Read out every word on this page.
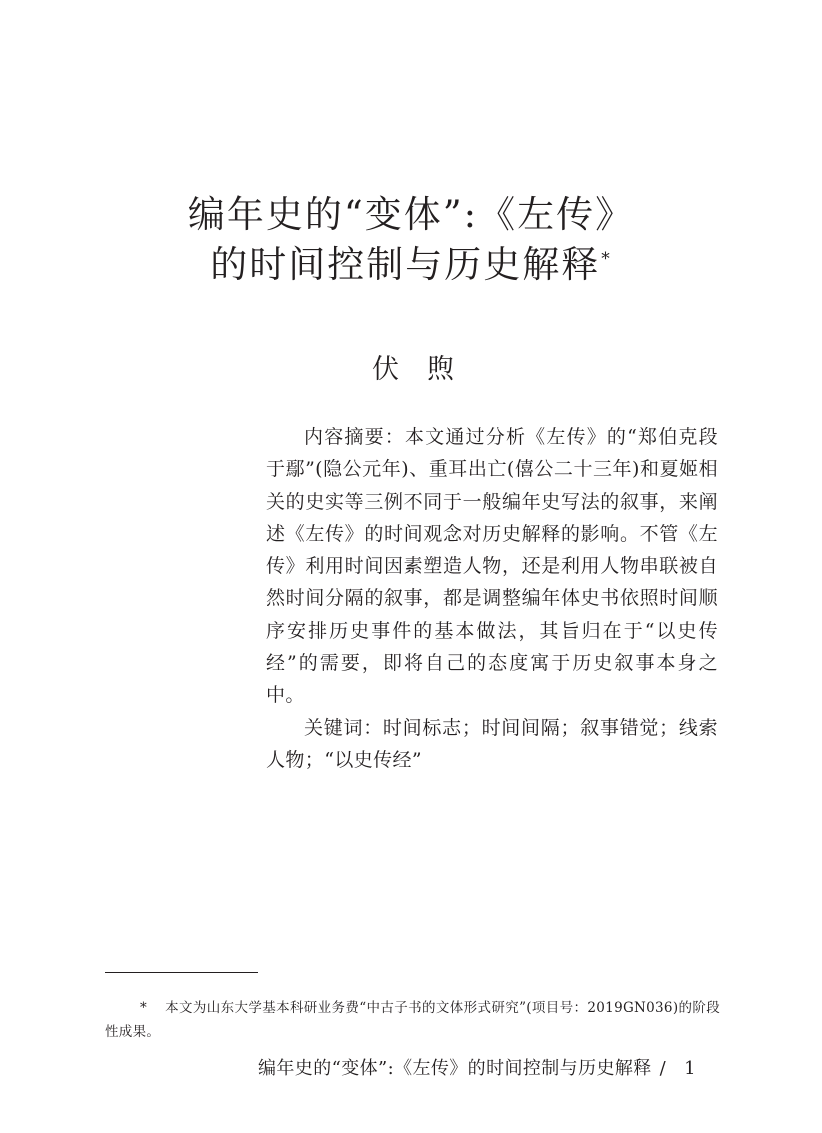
编年史的“变体”:《左传》
的时间控制与历史解释*
伏 煦

内容摘要：本文通过分析《左传》的“郑伯克段于鄢”(隐公元年)、重耳出亡(僖公二十三年)和夏姬相关的史实等三例不同于一般编年史写法的叙事，来阐述《左传》的时间观念对历史解释的影响。不管《左传》利用时间因素塑造人物，还是利用人物串联被自然时间分隔的叙事，都是调整编年体史书依照时间顺序安排历史事件的基本做法，其旨归在于“以史传经”的需要，即将自己的态度寓于历史叙事本身之中。

关键词：时间标志；时间间隔；叙事错觉；线索人物；“以史传经”

* 本文为山东大学基本科研业务费“中古子书的文体形式研究”(项目号：2019GN036)的阶段性成果。
编年史的“变体”:《左传》的时间控制与历史解释 / 1
